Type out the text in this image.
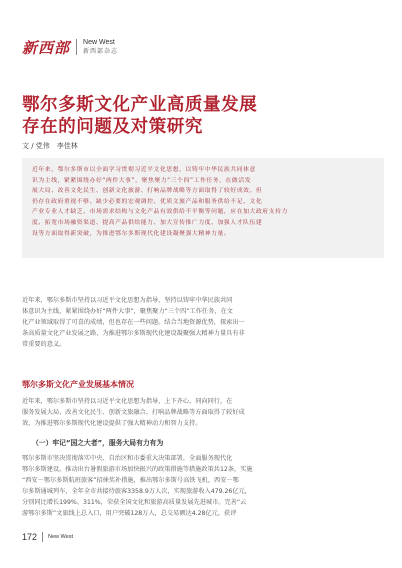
新西部 New West
新西部杂志
鄂尔多斯文化产业高质量发展
存在的问题及对策研究
文 / 党伟　李佳林
近年来，鄂尔多斯市以全面学习贯彻习近平文化思想，以铸牢中华民族共同体意
识为主线，紧紧围绕办好“两件大事”，聚焦聚力“三个四”工作任务，在做活发
展大局、改善文化民生、创新文化旅游、打响品牌战略等方面取得了较好成效。但
仍存在政府重视不够、缺少必要的宏观调控、优质文旅产品和服务供给不足、文化
产业专业人才缺乏、市场需求结构与文化产品有效供给不平衡等问题，应在加大政府支持力
度、拓宽市场融资渠道、提高产品供给能力、加大宣传推广力度、加强人才队伍建
设等方面取得新突破，为推进鄂尔多斯现代化建设凝聚强大精神力量。
近年来，鄂尔多斯市坚持以习近平文化思想为指导，坚持以铸牢中华民族共同
体意识为主线，紧紧围绕办好“两件大事”，聚焦聚力“三个四”工作任务，在文
化产业领域取得了可喜的成绩，但也存在一些问题。结合当地资源优势，探索出一
条高质量文化产业发展之路，为推进鄂尔多斯现代化建设凝聚强大精神力量具有非
常重要的意义。
鄂尔多斯文化产业发展基本情况
近年来，鄂尔多斯市坚持以习近平文化思想为指导，上下齐心、同向同行，在
服务发展大局、改善文化民生、创新文旅融合、打响品牌战略等方面取得了较好成
效，为推进鄂尔多斯现代化建设提供了强大精神动力和智力支持。
（一）牢记“国之大者”，服务大局有力有为
鄂尔多斯市坚决贯彻落实中央、自治区和市委重大决策部署，全面服务现代化
鄂尔多斯建设。推动出台暑假旅游市场加快振兴的政策措施等措施政策共12条，实施
“西安－鄂尔多斯航班旅客”招徕奖补措施，推出鄂尔多斯号高铁飞机，西安－鄂
尔多斯通城列车，全年全市共接待旅客3358.9万人次，实现旅游收入479.26亿元，
分别同比增长199%、311%，荣获全国文化和旅游高质量发展先进城市。完善“云
游鄂尔多斯”文旅线上总入口，用户突破128万人，总交易额达4.28亿元，获评
172 New West
